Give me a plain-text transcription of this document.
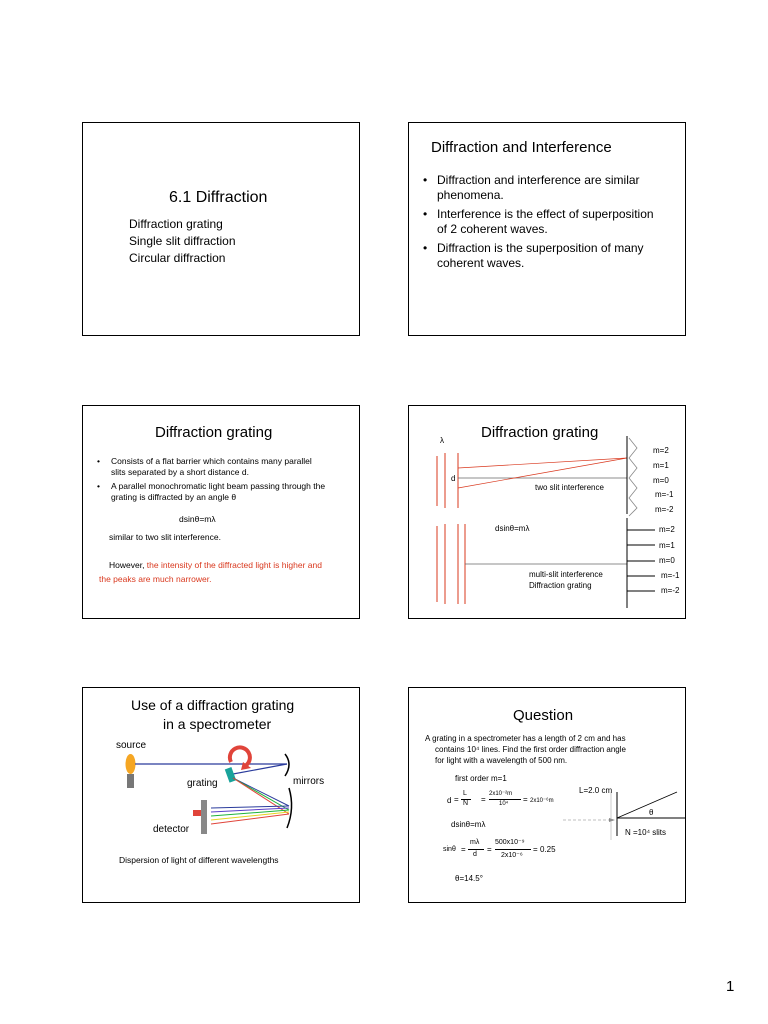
6.1 Diffraction
Diffraction grating
Single slit diffraction
Circular diffraction
Diffraction and Interference
• Diffraction and interference are similar
phenomena.
• Interference is the effect of superposition
of 2 coherent waves.
• Diffraction is the superposition of many
coherent waves.
Diffraction grating
• Consists of a flat barrier which contains many parallel
slits separated by a short distance d.
• A parallel monochromatic light beam passing through the
grating is diffracted by an angle θ
dsinθ=mλ
similar to two slit interference.
However, the intensity of the diffracted light is higher and
the peaks are much narrower.
λ Diffraction grating
d
two slit interference
dsinθ=mλ
multi-slit interference
Diffraction grating
m=2
m=1
m=0
m=-1
m=-2
m=2
m=1
m=0
m=-1
m=-2
Use of a diffraction grating
in a spectrometer
source
grating	mirrors
detector
Dispersion of light of different wavelengths
Question
A grating in a spectrometer has a length of 2 cm and has
contains 10⁴ lines. Find the first order diffraction angle
for light with a wavelength of 500 nm.
first order m=1
d =
L
N =
2x10⁻²m
10⁴ = 2x10⁻⁶m
dsinθ=mλ
sinθ =
mλ
d
=
500x10⁻⁹
2x10⁻⁶
= 0.25
θ=14.5°
L=2.0 cm
θ
N =10⁴ slits
1
